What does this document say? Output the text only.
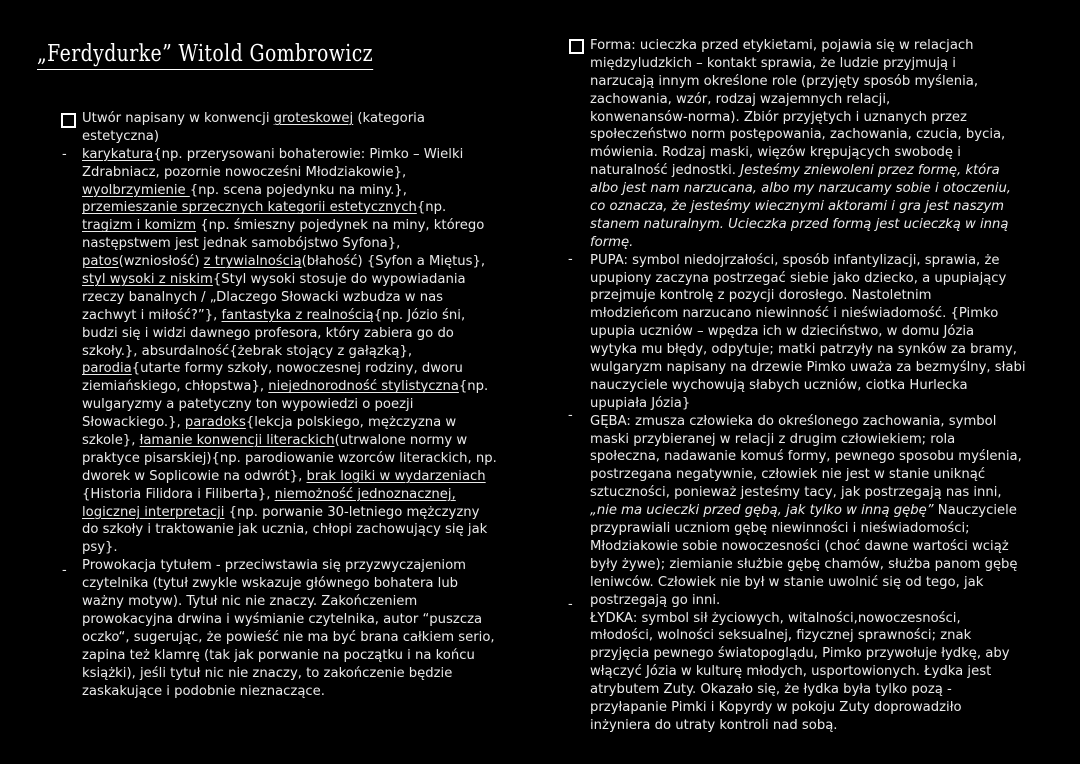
„Ferdydurke” Witold Gombrowicz
-
-
Utwór napisany w konwencji groteskowej (kategoria
estetyczna)
karykatura{np. przerysowani bohaterowie: Pimko – Wielki
Zdrabniacz, pozornie nowocześni Młodziakowie},
wyolbrzymienie {np. scena pojedynku na miny.},
przemieszanie sprzecznych kategorii estetycznych{np.
tragizm i komizm {np. śmieszny pojedynek na miny, którego
następstwem jest jednak samobójstwo Syfona},
patos(wzniosłość) z trywialnością(błahość) {Syfon a Miętus},
styl wysoki z niskim{Styl wysoki stosuje do wypowiadania
rzeczy banalnych / „Dlaczego Słowacki wzbudza w nas
zachwyt i miłość?”}, fantastyka z realnością{np. Józio śni,
budzi się i widzi dawnego profesora, który zabiera go do
szkoły.}, absurdalność{żebrak stojący z gałązką},
parodia{utarte formy szkoły, nowoczesnej rodziny, dworu
ziemiańskiego, chłopstwa}, niejednorodność stylistyczna{np.
wulgaryzmy a patetyczny ton wypowiedzi o poezji
Słowackiego.}, paradoks{lekcja polskiego, mężczyzna w
szkole}, łamanie konwencji literackich(utrwalone normy w
praktyce pisarskiej){np. parodiowanie wzorców literackich, np.
dworek w Soplicowie na odwrót}, brak logiki w wydarzeniach
{Historia Filidora i Filiberta}, niemożność jednoznacznej,
logicznej interpretacji {np. porwanie 30-letniego mężczyzny
do szkoły i traktowanie jak ucznia, chłopi zachowujący się jak
psy}.
Prowokacja tytułem - przeciwstawia się przyzwyczajeniom
czytelnika (tytuł zwykle wskazuje głównego bohatera lub
ważny motyw). Tytuł nic nie znaczy. Zakończeniem
prowokacyjna drwina i wyśmianie czytelnika, autor “puszcza
oczko“, sugerując, że powieść nie ma być brana całkiem serio,
zapina też klamrę (tak jak porwanie na początku i na końcu
książki), jeśli tytuł nic nie znaczy, to zakończenie będzie
zaskakujące i podobnie nieznaczące.
-
-
-
Forma: ucieczka przed etykietami, pojawia się w relacjach
międzyludzkich – kontakt sprawia, że ludzie przyjmują i
narzucają innym określone role (przyjęty sposób myślenia,
zachowania, wzór, rodzaj wzajemnych relacji,
konwenansów-norma). Zbiór przyjętych i uznanych przez
społeczeństwo norm postępowania, zachowania, czucia, bycia,
mówienia. Rodzaj maski, więzów krępujących swobodę i
naturalność jednostki. Jesteśmy zniewoleni przez formę, która
albo jest nam narzucana, albo my narzucamy sobie i otoczeniu,
co oznacza, że jesteśmy wiecznymi aktorami i gra jest naszym
stanem naturalnym. Ucieczka przed formą jest ucieczką w inną
formę.
PUPA: symbol niedojrzałości, sposób infantylizacji, sprawia, że
upupiony zaczyna postrzegać siebie jako dziecko, a upupiający
przejmuje kontrolę z pozycji dorosłego. Nastoletnim
młodzieńcom narzucano niewinność i nieświadomość. {Pimko
upupia uczniów – wpędza ich w dzieciństwo, w domu Józia
wytyka mu błędy, odpytuje; matki patrzyły na synków za bramy,
wulgaryzm napisany na drzewie Pimko uważa za bezmyślny, słabi
nauczyciele wychowują słabych uczniów, ciotka Hurlecka
upupiała Józia}
GĘBA: zmusza człowieka do określonego zachowania, symbol
maski przybieranej w relacji z drugim człowiekiem; rola
społeczna, nadawanie komuś formy, pewnego sposobu myślenia,
postrzegana negatywnie, człowiek nie jest w stanie uniknąć
sztuczności, ponieważ jesteśmy tacy, jak postrzegają nas inni,
„nie ma ucieczki przed gębą, jak tylko w inną gębę” Nauczyciele
przyprawiali uczniom gębę niewinności i nieświadomości;
Młodziakowie sobie nowoczesności (choć dawne wartości wciąż
były żywe); ziemianie służbie gębę chamów, służba panom gębę
leniwców. Człowiek nie był w stanie uwolnić się od tego, jak
postrzegają go inni.
ŁYDKA: symbol sił życiowych, witalności,nowoczesności,
młodości, wolności seksualnej, fizycznej sprawności; znak
przyjęcia pewnego światopoglądu, Pimko przywołuje łydkę, aby
włączyć Józia w kulturę młodych, usportowionych. Łydka jest
atrybutem Zuty. Okazało się, że łydka była tylko pozą -
przyłapanie Pimki i Kopyrdy w pokoju Zuty doprowadziło
inżyniera do utraty kontroli nad sobą.
